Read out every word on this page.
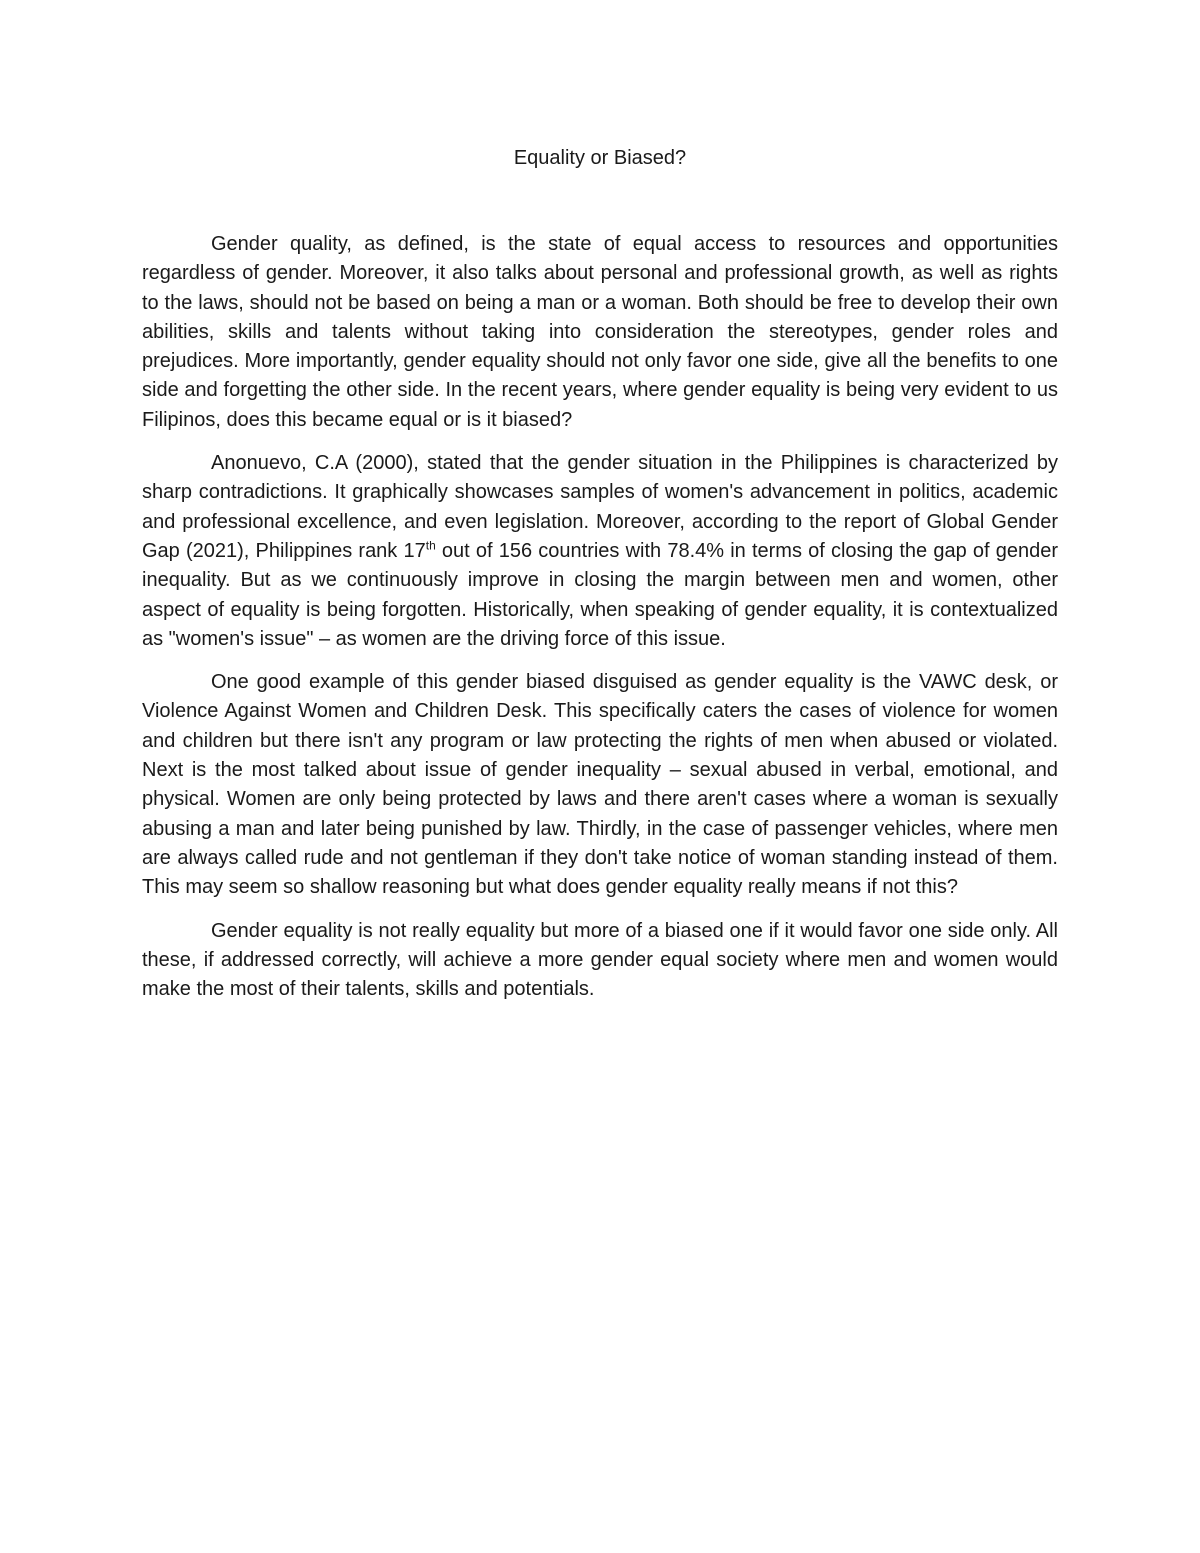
Equality or Biased?

Gender quality, as defined, is the state of equal access to resources and opportunities regardless of gender. Moreover, it also talks about personal and professional growth, as well as rights to the laws, should not be based on being a man or a woman. Both should be free to develop their own abilities, skills and talents without taking into consideration the stereotypes, gender roles and prejudices. More importantly, gender equality should not only favor one side, give all the benefits to one side and forgetting the other side. In the recent years, where gender equality is being very evident to us Filipinos, does this became equal or is it biased?

Anonuevo, C.A (2000), stated that the gender situation in the Philippines is characterized by sharp contradictions. It graphically showcases samples of women's advancement in politics, academic and professional excellence, and even legislation. Moreover, according to the report of Global Gender Gap (2021), Philippines rank 17th out of 156 countries with 78.4% in terms of closing the gap of gender inequality. But as we continuously improve in closing the margin between men and women, other aspect of equality is being forgotten. Historically, when speaking of gender equality, it is contextualized as "women's issue" – as women are the driving force of this issue.

One good example of this gender biased disguised as gender equality is the VAWC desk, or Violence Against Women and Children Desk. This specifically caters the cases of violence for women and children but there isn't any program or law protecting the rights of men when abused or violated. Next is the most talked about issue of gender inequality – sexual abused in verbal, emotional, and physical. Women are only being protected by laws and there aren't cases where a woman is sexually abusing a man and later being punished by law. Thirdly, in the case of passenger vehicles, where men are always called rude and not gentleman if they don't take notice of woman standing instead of them. This may seem so shallow reasoning but what does gender equality really means if not this?

Gender equality is not really equality but more of a biased one if it would favor one side only. All these, if addressed correctly, will achieve a more gender equal society where men and women would make the most of their talents, skills and potentials.
